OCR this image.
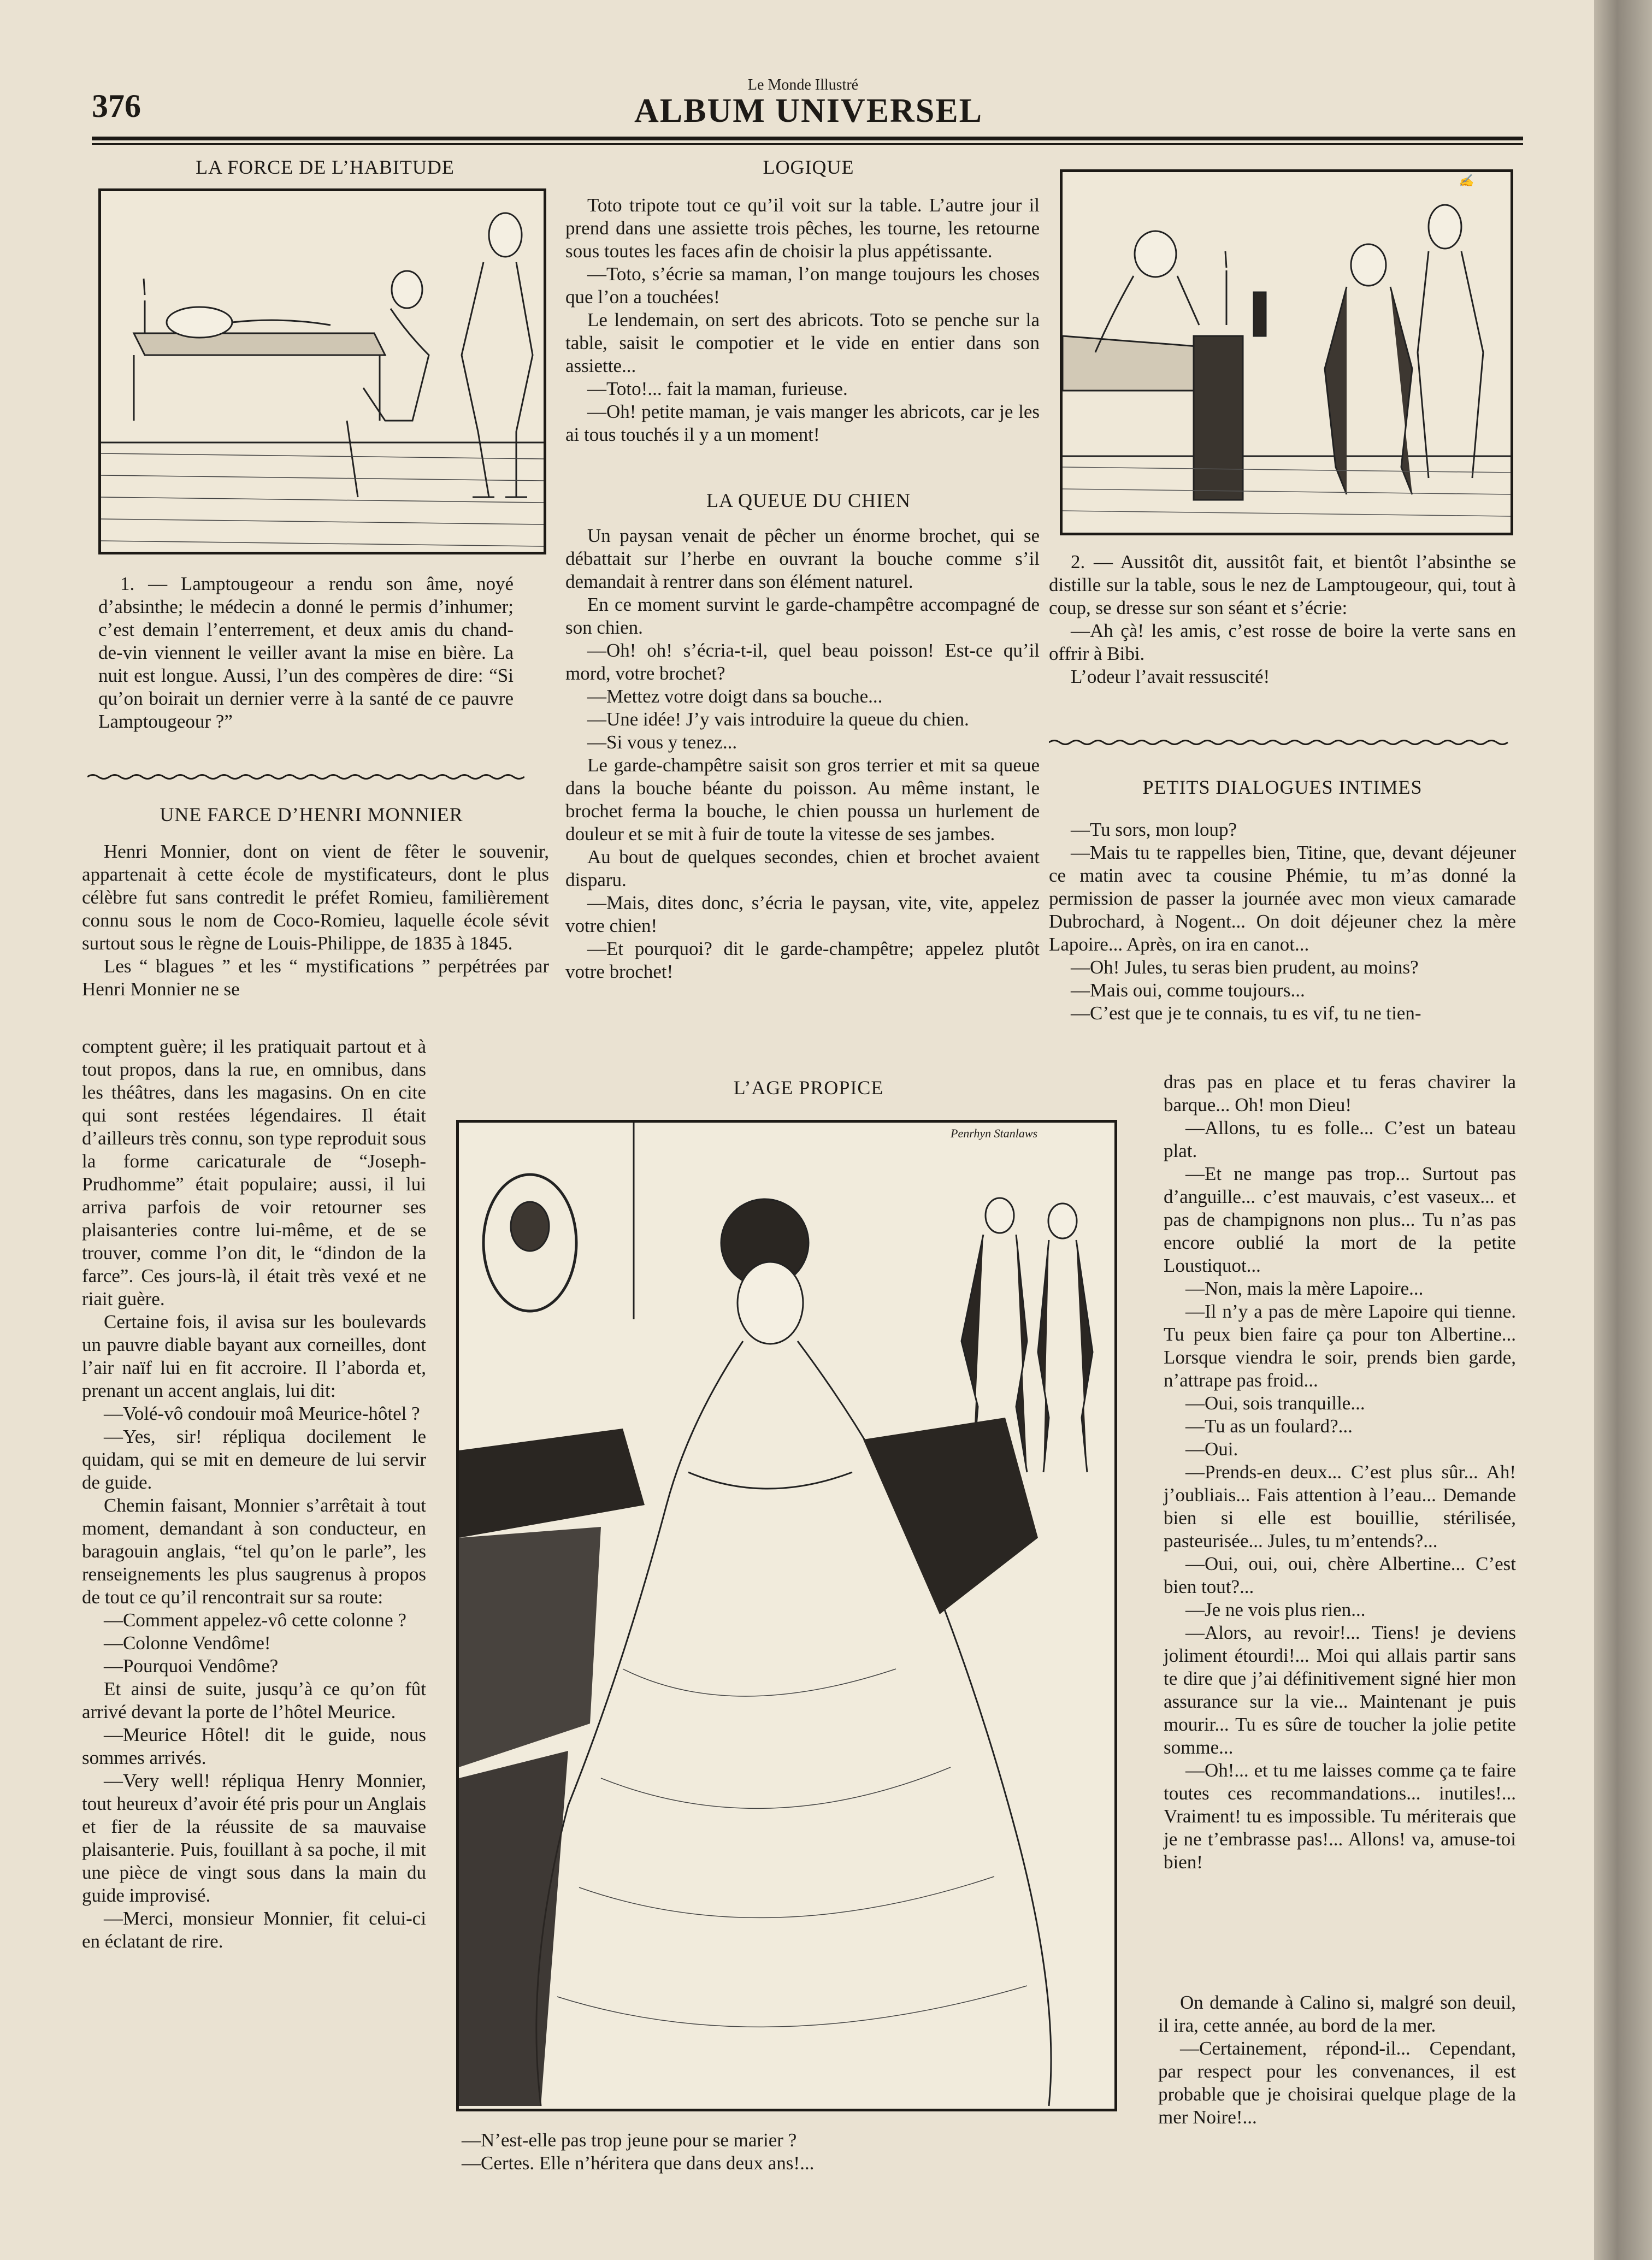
376
Le Monde Illustré
ALBUM UNIVERSEL
LA FORCE DE L’HABITUDE
1. — Lamptougeour a rendu son âme, noyé d’absinthe; le médecin a donné le permis d’inhumer; c’est demain l’enterrement, et deux amis du chand-de-vin viennent le veiller avant la mise en bière. La nuit est longue. Aussi, l’un des compères de dire: “Si qu’on boirait un dernier verre à la santé de ce pauvre Lamptougeour ?”
UNE FARCE D’HENRI MONNIER

Henri Monnier, dont on vient de fêter le souvenir, appartenait à cette école de mystificateurs, dont le plus célèbre fut sans contredit le préfet Romieu, familièrement connu sous le nom de Coco-Romieu, laquelle école sévit surtout sous le règne de Louis-Philippe, de 1835 à 1845.

Les “ blagues ” et les “ mystifications ” perpétrées par Henri Monnier ne se

comptent guère; il les pratiquait partout et à tout propos, dans la rue, en omnibus, dans les théâtres, dans les magasins. On en cite qui sont restées légendaires. Il était d’ailleurs très connu, son type reproduit sous la forme caricaturale de “Joseph-Prudhomme” était populaire; aussi, il lui arriva parfois de voir retourner ses plaisanteries contre lui-même, et de se trouver, comme l’on dit, le “dindon de la farce”. Ces jours-là, il était très vexé et ne riait guère.

Certaine fois, il avisa sur les boulevards un pauvre diable bayant aux corneilles, dont l’air naïf lui en fit accroire. Il l’aborda et, prenant un accent anglais, lui dit:

—Volé-vô condouir moâ Meurice-hôtel ?

—Yes, sir! répliqua docilement le quidam, qui se mit en demeure de lui servir de guide.

Chemin faisant, Monnier s’arrêtait à tout moment, demandant à son conducteur, en baragouin anglais, “tel qu’on le parle”, les renseignements les plus saugrenus à propos de tout ce qu’il rencontrait sur sa route:

—Comment appelez-vô cette colonne ?

—Colonne Vendôme!

—Pourquoi Vendôme?

Et ainsi de suite, jusqu’à ce qu’on fût arrivé devant la porte de l’hôtel Meurice.

—Meurice Hôtel! dit le guide, nous sommes arrivés.

—Very well! répliqua Henry Monnier, tout heureux d’avoir été pris pour un Anglais et fier de la réussite de sa mauvaise plaisanterie. Puis, fouillant à sa poche, il mit une pièce de vingt sous dans la main du guide improvisé.

—Merci, monsieur Monnier, fit celui-ci en éclatant de rire.

LOGIQUE

Toto tripote tout ce qu’il voit sur la table. L’autre jour il prend dans une assiette trois pêches, les tourne, les retourne sous toutes les faces afin de choisir la plus appétissante.

—Toto, s’écrie sa maman, l’on mange toujours les choses que l’on a touchées!

Le lendemain, on sert des abricots. Toto se penche sur la table, saisit le compotier et le vide en entier dans son assiette...

—Toto!... fait la maman, furieuse.

—Oh! petite maman, je vais manger les abricots, car je les ai tous touchés il y a un moment!

LA QUEUE DU CHIEN

Un paysan venait de pêcher un énorme brochet, qui se débattait sur l’herbe en ouvrant la bouche comme s’il demandait à rentrer dans son élément naturel.

En ce moment survint le garde-champêtre accompagné de son chien.

—Oh! oh! s’écria-t-il, quel beau poisson! Est-ce qu’il mord, votre brochet?

—Mettez votre doigt dans sa bouche...

—Une idée! J’y vais introduire la queue du chien.

—Si vous y tenez...

Le garde-champêtre saisit son gros terrier et mit sa queue dans la bouche béante du poisson. Au même instant, le brochet ferma la bouche, le chien poussa un hurlement de douleur et se mit à fuir de toute la vitesse de ses jambes.

Au bout de quelques secondes, chien et brochet avaient disparu.

—Mais, dites donc, s’écria le paysan, vite, vite, appelez votre chien!

—Et pourquoi? dit le garde-champêtre; appelez plutôt votre brochet!

✍

2. — Aussitôt dit, aussitôt fait, et bientôt l’absinthe se distille sur la table, sous le nez de Lamptougeour, qui, tout à coup, se dresse sur son séant et s’écrie:

—Ah çà! les amis, c’est rosse de boire la verte sans en offrir à Bibi.

L’odeur l’avait ressuscité!

PETITS DIALOGUES INTIMES

—Tu sors, mon loup?

—Mais tu te rappelles bien, Titine, que, devant déjeuner ce matin avec ta cousine Phémie, tu m’as donné la permission de passer la journée avec mon vieux camarade Dubrochard, à Nogent... On doit déjeuner chez la mère Lapoire... Après, on ira en canot...

—Oh! Jules, tu seras bien prudent, au moins?

—Mais oui, comme toujours...

—C’est que je te connais, tu es vif, tu ne tien-

dras pas en place et tu feras chavirer la barque... Oh! mon Dieu!

—Allons, tu es folle... C’est un bateau plat.

—Et ne mange pas trop... Surtout pas d’anguille... c’est mauvais, c’est vaseux... et pas de champignons non plus... Tu n’as pas encore oublié la mort de la petite Loustiquot...

—Non, mais la mère Lapoire...

—Il n’y a pas de mère Lapoire qui tienne. Tu peux bien faire ça pour ton Albertine... Lorsque viendra le soir, prends bien garde, n’attrape pas froid...

—Oui, sois tranquille...

—Tu as un foulard?...

—Oui.

—Prends-en deux... C’est plus sûr... Ah! j’oubliais... Fais attention à l’eau... Demande bien si elle est bouillie, stérilisée, pasteurisée... Jules, tu m’entends?...

—Oui, oui, oui, chère Albertine... C’est bien tout?...

—Je ne vois plus rien...

—Alors, au revoir!... Tiens! je deviens joliment étourdi!... Moi qui allais partir sans te dire que j’ai définitivement signé hier mon assurance sur la vie... Maintenant je puis mourir... Tu es sûre de toucher la jolie petite somme...

—Oh!... et tu me laisses comme ça te faire toutes ces recommandations... inutiles!... Vraiment! tu es impossible. Tu mériterais que je ne t’embrasse pas!... Allons! va, amuse-toi bien!

On demande à Calino si, malgré son deuil, il ira, cette année, au bord de la mer.

—Certainement, répond-il... Cependant, par respect pour les convenances, il est probable que je choisirai quelque plage de la mer Noire!...

L’AGE PROPICE
Penrhyn Stanlaws
—N’est-elle pas trop jeune pour se marier ?
—Certes. Elle n’héritera que dans deux ans!...
